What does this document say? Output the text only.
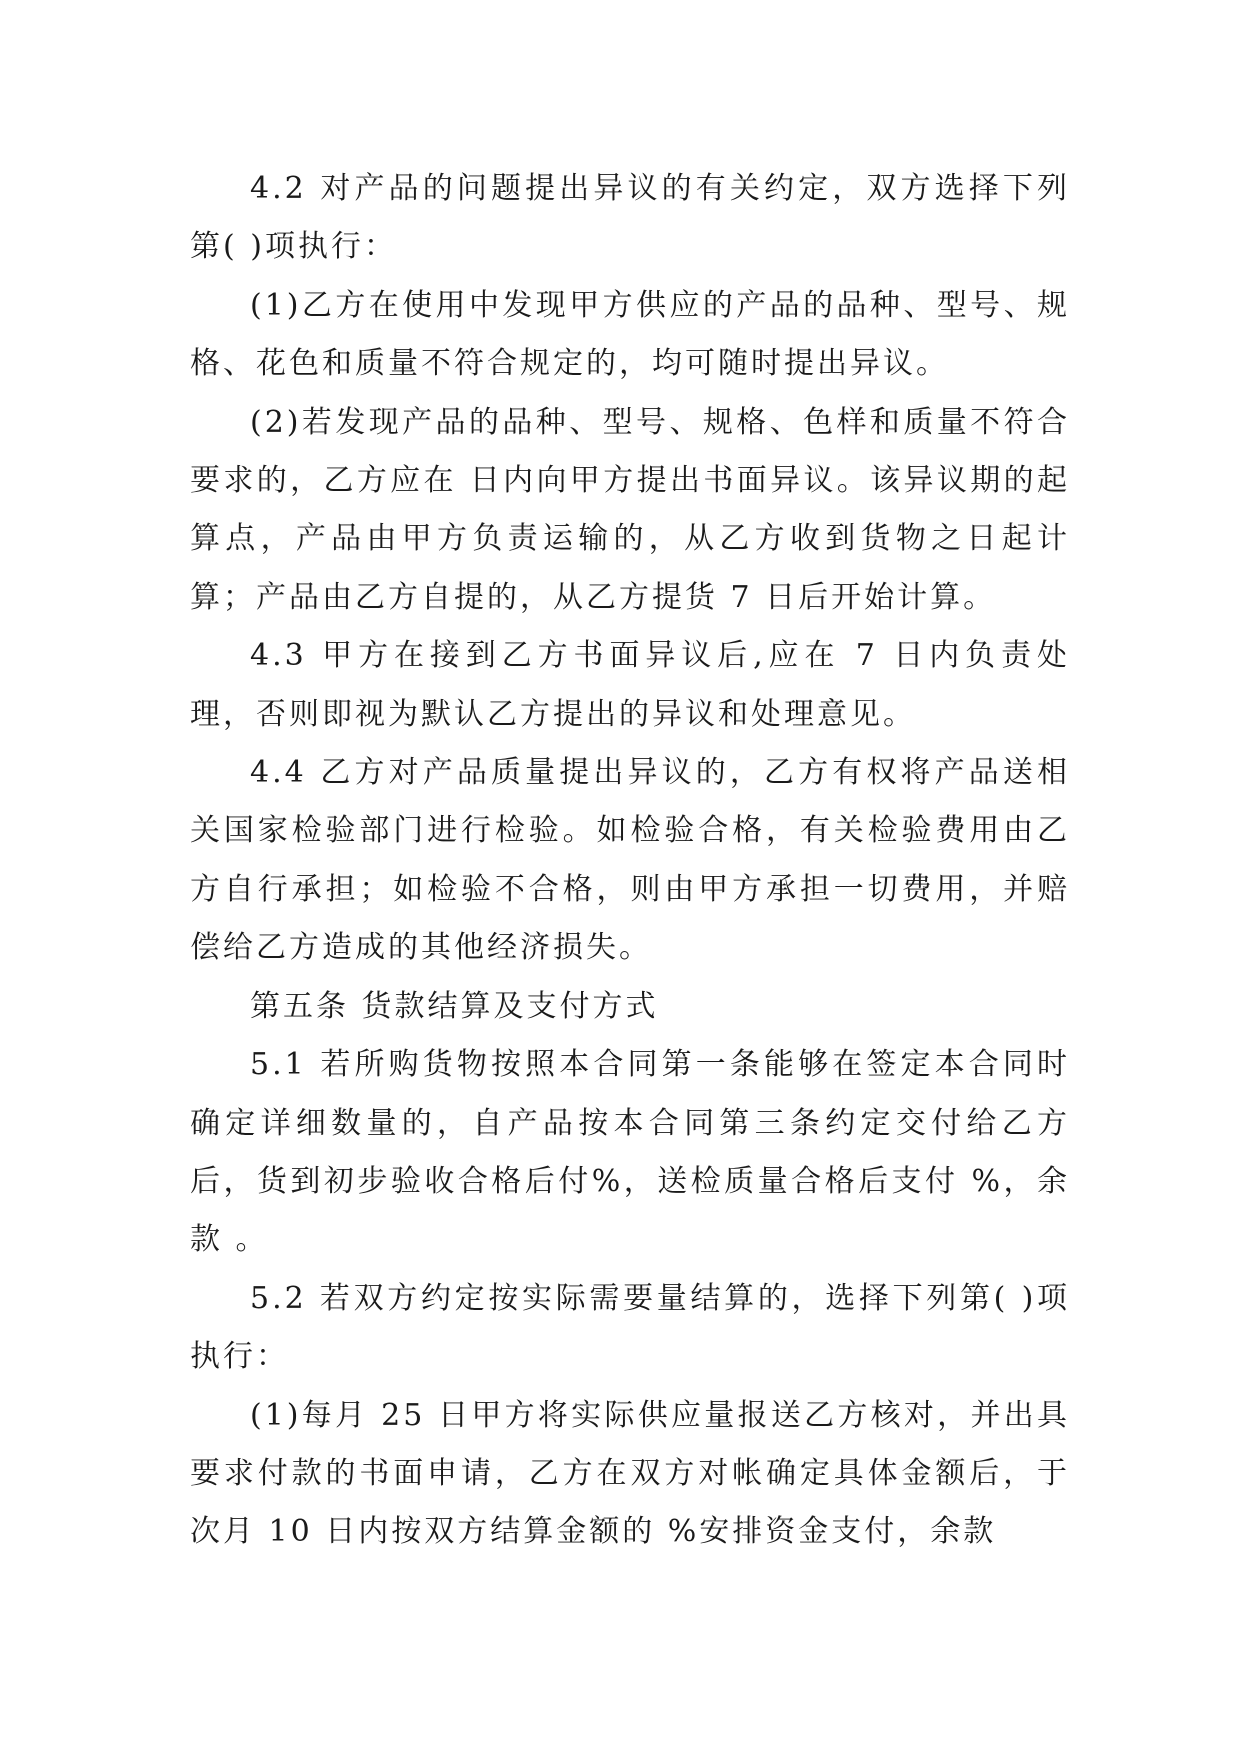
4.2 对产品的问题提出异议的有关约定，双方选择下列第( )项执行：

(1)乙方在使用中发现甲方供应的产品的品种、型号、规格、花色和质量不符合规定的，均可随时提出异议。

(2)若发现产品的品种、型号、规格、色样和质量不符合要求的，乙方应在 日内向甲方提出书面异议。该异议期的起算点，产品由甲方负责运输的，从乙方收到货物之日起计算；产品由乙方自提的，从乙方提货 7 日后开始计算。

4.3 甲方在接到乙方书面异议后,应在 7 日内负责处理，否则即视为默认乙方提出的异议和处理意见。

4.4 乙方对产品质量提出异议的，乙方有权将产品送相关国家检验部门进行检验。如检验合格，有关检验费用由乙方自行承担；如检验不合格，则由甲方承担一切费用，并赔偿给乙方造成的其他经济损失。

第五条 货款结算及支付方式

5.1 若所购货物按照本合同第一条能够在签定本合同时确定详细数量的，自产品按本合同第三条约定交付给乙方后，货到初步验收合格后付%，送检质量合格后支付 %，余款 。

5.2 若双方约定按实际需要量结算的，选择下列第( )项执行：

(1)每月 25 日甲方将实际供应量报送乙方核对，并出具要求付款的书面申请，乙方在双方对帐确定具体金额后，于次月 10 日内按双方结算金额的 %安排资金支付，余款
